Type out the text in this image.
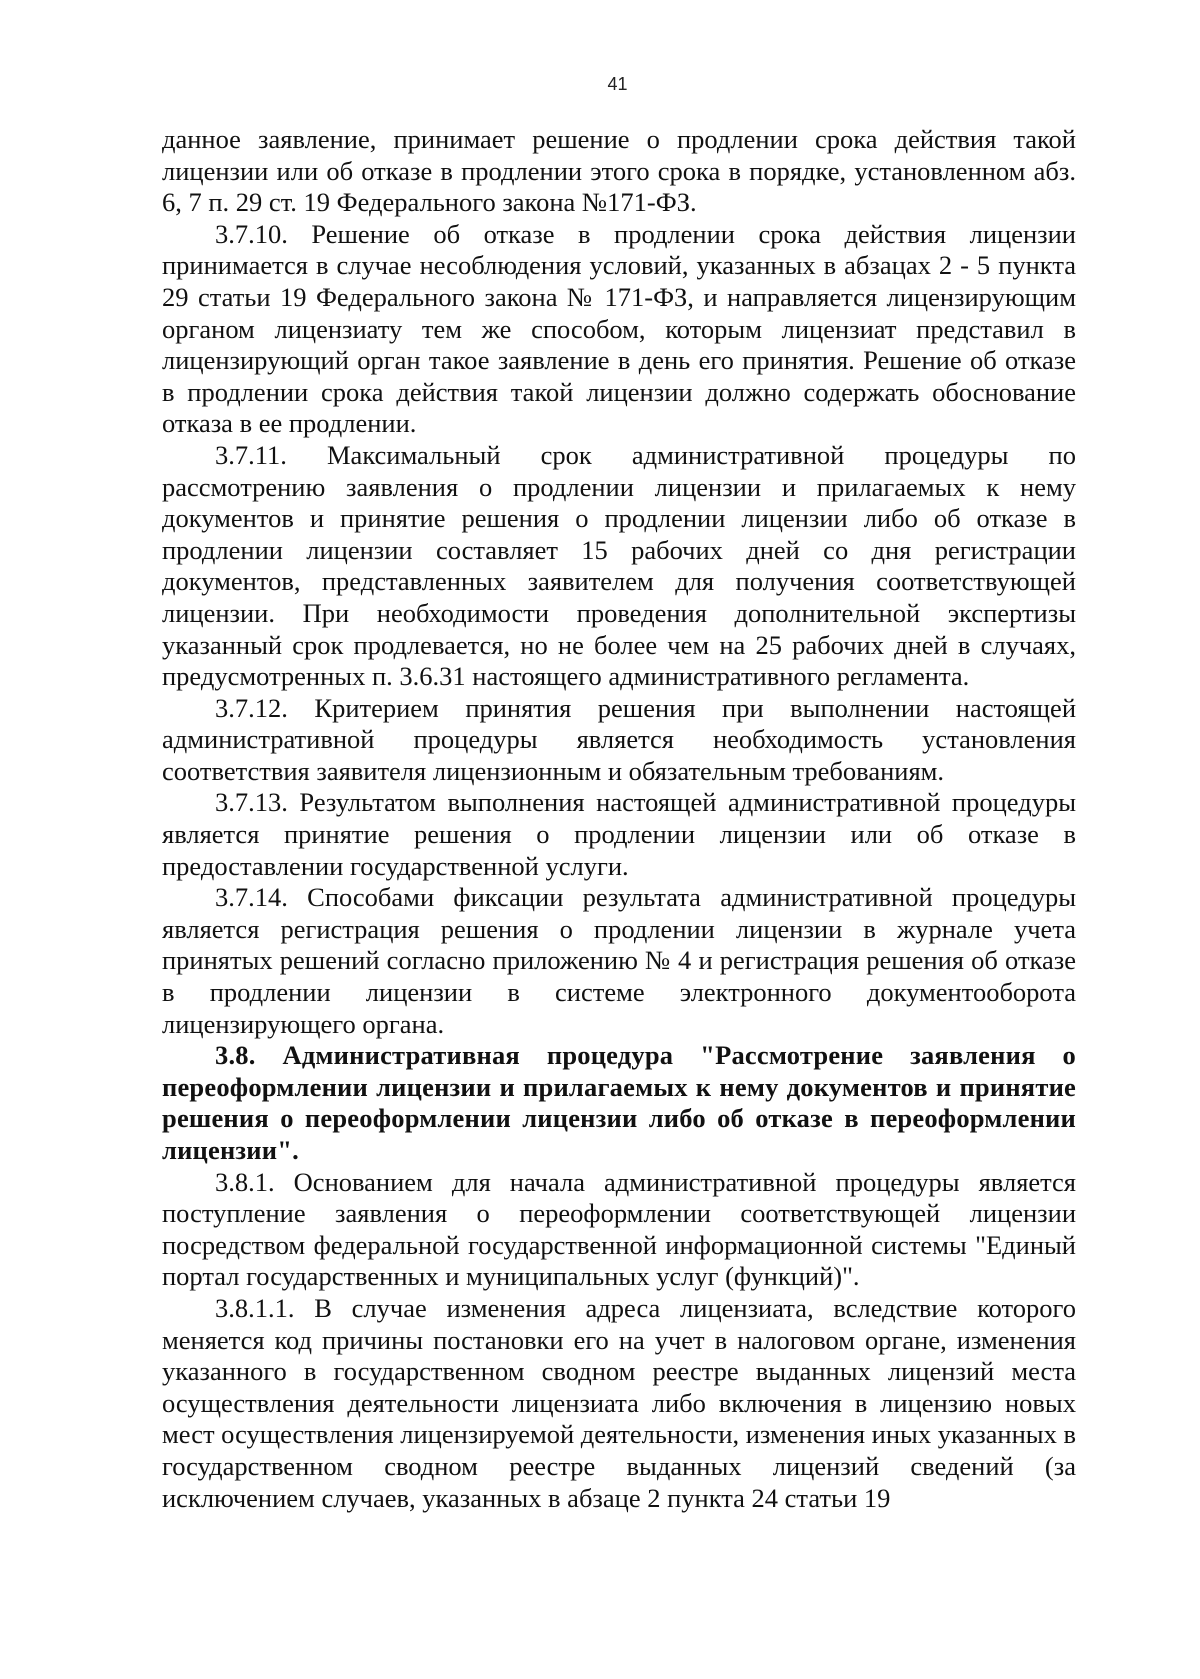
41

данное заявление, принимает решение о продлении срока действия такой лицензии или об отказе в продлении этого срока в порядке, установленном абз. 6, 7 п. 29 ст. 19 Федерального закона №171-ФЗ.

3.7.10. Решение об отказе в продлении срока действия лицензии принимается в случае несоблюдения условий, указанных в абзацах 2 - 5 пункта 29 статьи 19 Федерального закона № 171-ФЗ, и направляется лицензирующим органом лицензиату тем же способом, которым лицензиат представил в лицензирующий орган такое заявление в день его принятия. Решение об отказе в продлении срока действия такой лицензии должно содержать обоснование отказа в ее продлении.

3.7.11. Максимальный срок административной процедуры по рассмотрению заявления о продлении лицензии и прилагаемых к нему документов и принятие решения о продлении лицензии либо об отказе в продлении лицензии составляет 15 рабочих дней со дня регистрации документов, представленных заявителем для получения соответствующей лицензии. При необходимости проведения дополнительной экспертизы указанный срок продлевается, но не более чем на 25 рабочих дней в случаях, предусмотренных п. 3.6.31 настоящего административного регламента.

3.7.12. Критерием принятия решения при выполнении настоящей административной процедуры является необходимость установления соответствия заявителя лицензионным и обязательным требованиям.

3.7.13. Результатом выполнения настоящей административной процедуры является принятие решения о продлении лицензии или об отказе в предоставлении государственной услуги.

3.7.14. Способами фиксации результата административной процедуры является регистрация решения о продлении лицензии в журнале учета принятых решений согласно приложению № 4 и регистрация решения об отказе в продлении лицензии в системе электронного документооборота лицензирующего органа.

3.8. Административная процедура "Рассмотрение заявления о переоформлении лицензии и прилагаемых к нему документов и принятие решения о переоформлении лицензии либо об отказе в переоформлении лицензии".

3.8.1. Основанием для начала административной процедуры является поступление заявления о переоформлении соответствующей лицензии посредством федеральной государственной информационной системы "Единый портал государственных и муниципальных услуг (функций)".

3.8.1.1. В случае изменения адреса лицензиата, вследствие которого меняется код причины постановки его на учет в налоговом органе, изменения указанного в государственном сводном реестре выданных лицензий места осуществления деятельности лицензиата либо включения в лицензию новых мест осуществления лицензируемой деятельности, изменения иных указанных в государственном сводном реестре выданных лицензий сведений (за исключением случаев, указанных в абзаце 2 пункта 24 статьи 19
